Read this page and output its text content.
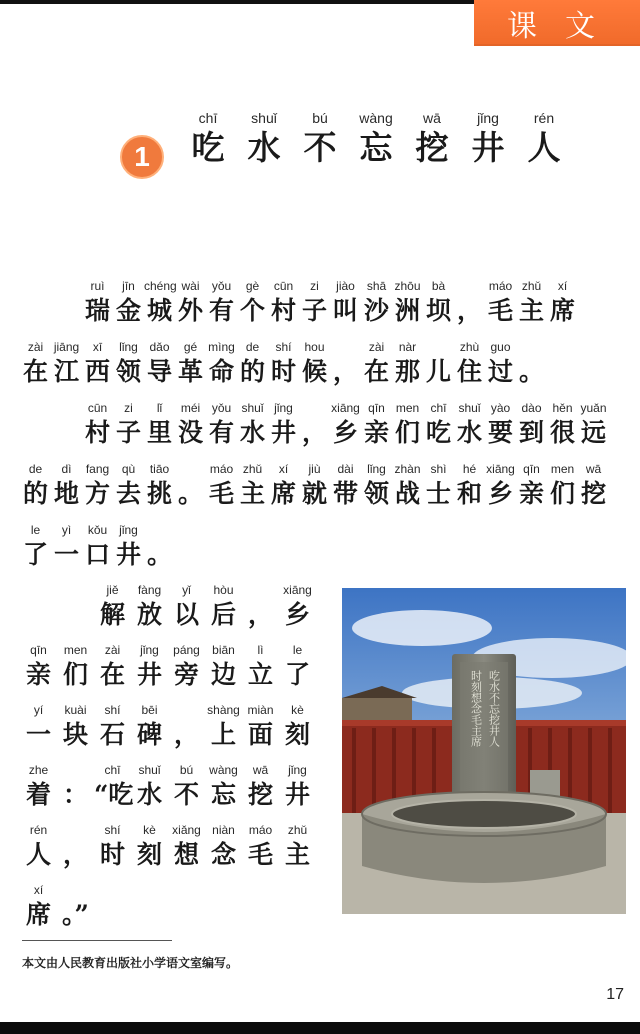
课文
1
chī	shuǐ	bú	wàng	wā	jǐng	rén
吃 水 不 忘 挖 井 人
ruì	jīn chéng wài	yǒu	gè	cūn	zi	jiào shā zhōu bà	máo zhǔ	xí
瑞 金 城 外 有 个 村 子 叫 沙 洲 坝 ， 毛 主 席
zài jiāng	xī	lǐng dǎo	gé mìng de	shí	hou	zài	nàr	zhù guo
在 江 西 领 导 革 命 的 时 候 ， 在 那 儿 住 过 。
cūn	zi	lǐ	méi yǒu shuǐ jǐng	xiāng qīn men chī shuǐ yào dào hěn yuǎn
村 子 里 没 有 水 井 ， 乡 亲 们 吃 水 要 到 很 远
de	dì	fang	qù	tiāo	máo zhǔ	xí	jiù	dài	lǐng zhàn shì	hé xiāng qīn men wā
的 地 方 去 挑 。 毛 主 席 就 带 领 战 士 和 乡 亲 们 挖
le	yì	kǒu jǐng
了 一 口 井 。
jiě	fàng	yǐ	hòu	xiāng
解 放 以 后 ， 乡
qīn	men	zài	jǐng	páng	biān	lì	le
亲 们 在 井 旁 边 立 了
yí	kuài	shí	bēi	shàng miàn	kè
一 块 石 碑 ， 上 面 刻
zhe	chī	shuǐ	bú	wàng	wā	jǐng
着 ： “吃 水 不 忘 挖 井
rén	shí	kè	xiǎng niàn	máo	zhǔ
人 ， 时 刻 想 念 毛 主
xí
席 。”
吃水不忘挖井人
时刻想念毛主席
本文由人民教育出版社小学语文室编写。
17
